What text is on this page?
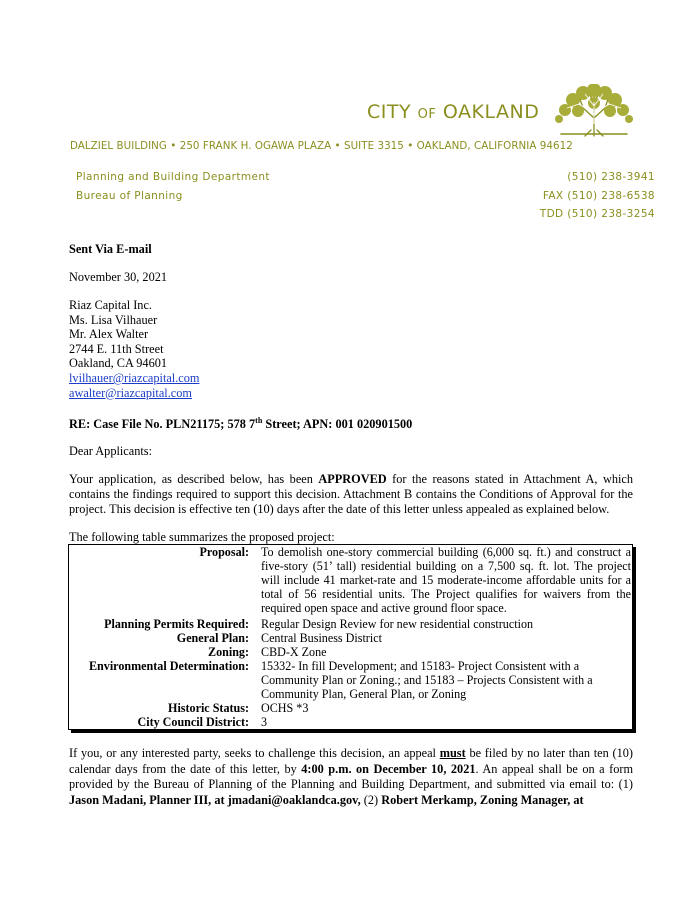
CITY OF OAKLAND
DALZIEL BUILDING • 250 FRANK H. OGAWA PLAZA • SUITE 3315 • OAKLAND, CALIFORNIA 94612
Planning and Building Department
Bureau of Planning
(510) 238-3941
FAX (510) 238-6538
TDD (510) 238-3254
Sent Via E-mail
November 30, 2021
Riaz Capital Inc.
Ms. Lisa Vilhauer
Mr. Alex Walter
2744 E. 11th Street
Oakland, CA 94601
lvilhauer@riazcapital.com
awalter@riazcapital.com
RE: Case File No. PLN21175; 578 7th Street; APN: 001 020901500
Dear Applicants:
Your application, as described below, has been APPROVED for the reasons stated in Attachment A, which contains the findings required to support this decision. Attachment B contains the Conditions of Approval for the project. This decision is effective ten (10) days after the date of this letter unless appealed as explained below.
The following table summarizes the proposed project:
Proposal: To demolish one-story commercial building (6,000 sq. ft.) and construct a five-story (51’ tall) residential building on a 7,500 sq. ft. lot. The project will include 41 market-rate and 15 moderate-income affordable units for a total of 56 residential units. The Project qualifies for waivers from the required open space and active ground floor space.
Planning Permits Required: Regular Design Review for new residential construction
General Plan: Central Business District
Zoning: CBD-X Zone
Environmental Determination: 15332- In fill Development; and 15183- Project Consistent with a Community Plan or Zoning.; and 15183 – Projects Consistent with a Community Plan, General Plan, or Zoning
Historic Status: OCHS *3
City Council District: 3
If you, or any interested party, seeks to challenge this decision, an appeal must be filed by no later than ten (10) calendar days from the date of this letter, by 4:00 p.m. on December 10, 2021. An appeal shall be on a form provided by the Bureau of Planning of the Planning and Building Department, and submitted via email to: (1) Jason Madani, Planner III, at jmadani@oaklandca.gov, (2) Robert Merkamp, Zoning Manager, at
